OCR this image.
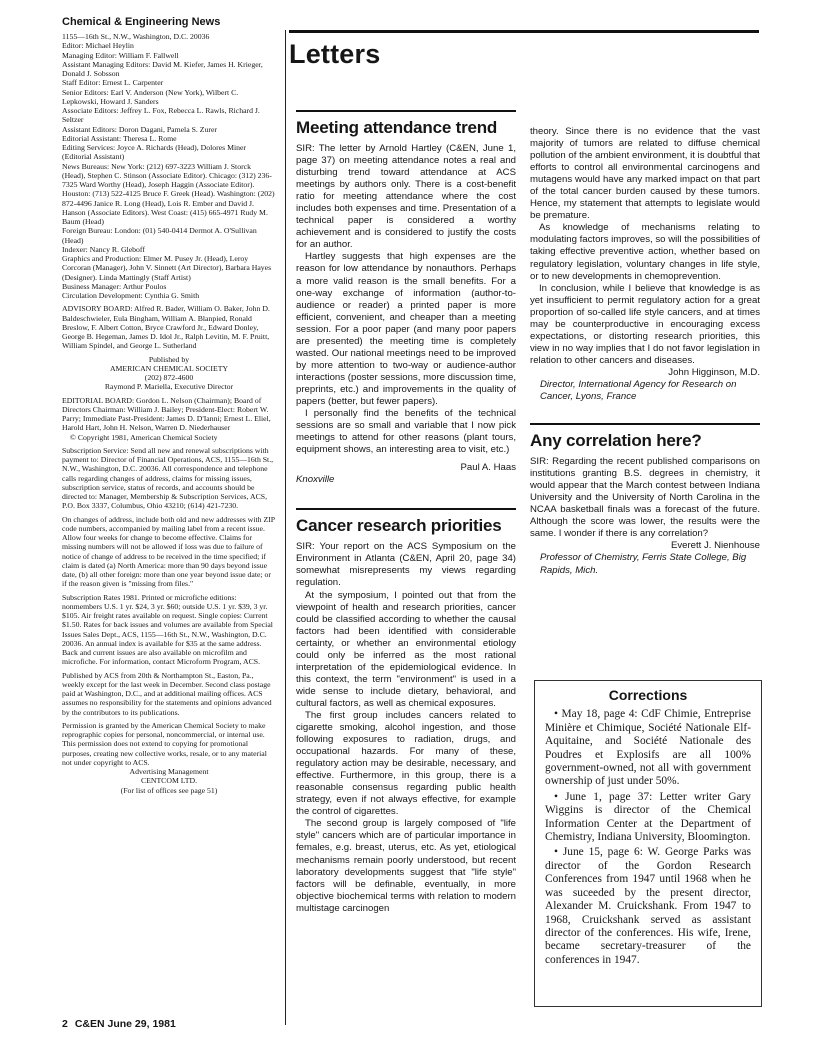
Chemical & Engineering News

1155—16th St., N.W., Washington, D.C. 20036

Editor: Michael Heylin

Managing Editor: William F. Fallwell

Assistant Managing Editors: David M. Kiefer, James H. Krieger, Donald J. Sobsson

Staff Editor: Ernest L. Carpenter

Senior Editors: Earl V. Anderson (New York), Wilbert C. Lepkowski, Howard J. Sanders

Associate Editors: Jeffrey L. Fox, Rebecca L. Rawls, Richard J. Seltzer

Assistant Editors: Doron Dagani, Pamela S. Zurer

Editorial Assistant: Theresa L. Rome

Editing Services: Joyce A. Richards (Head), Dolores Miner (Editorial Assistant)

News Bureaus: New York: (212) 697-3223 William J. Storck (Head), Stephen C. Stinson (Associate Editor). Chicago: (312) 236-7325 Ward Worthy (Head), Joseph Haggin (Associate Editor). Houston: (713) 522-4125 Bruce F. Greek (Head). Washington: (202) 872-4496 Janice R. Long (Head), Lois R. Ember and David J. Hanson (Associate Editors). West Coast: (415) 665-4971 Rudy M. Baum (Head)

Foreign Bureau: London: (01) 540-0414 Dermot A. O'Sullivan (Head)

Indexer: Nancy R. Gleboff

Graphics and Production: Elmer M. Pusey Jr. (Head), Leroy Corcoran (Manager), John V. Sinnett (Art Director), Barbara Hayes (Designer). Linda Mattingly (Staff Artist)

Business Manager: Arthur Poulos

Circulation Development: Cynthia G. Smith

ADVISORY BOARD: Alfred R. Bader, William O. Baker, John D. Baldeschwieler, Eula Bingham, William A. Blanpied, Ronald Breslow, F. Albert Cotton, Bryce Crawford Jr., Edward Donley, George B. Hegeman, James D. Idol Jr., Ralph Levitin, M. F. Pruitt, William Spindel, and George L. Sutherland

Published by

AMERICAN CHEMICAL SOCIETY

(202) 872-4600

Raymond P. Mariella, Executive Director

EDITORIAL BOARD: Gordon L. Nelson (Chairman); Board of Directors Chairman: William J. Bailey; President-Elect: Robert W. Parry; Immediate Past-President: James D. D'Ianni; Ernest L. Eliel, Harold Hart, John H. Nelson, Warren D. Niederhauser

© Copyright 1981, American Chemical Society

Subscription Service: Send all new and renewal subscriptions with payment to: Director of Financial Operations, ACS, 1155—16th St., N.W., Washington, D.C. 20036. All correspondence and telephone calls regarding changes of address, claims for missing issues, subscription service, status of records, and accounts should be directed to: Manager, Membership & Subscription Services, ACS, P.O. Box 3337, Columbus, Ohio 43210; (614) 421-7230.

On changes of address, include both old and new addresses with ZIP code numbers, accompanied by mailing label from a recent issue. Allow four weeks for change to become effective. Claims for missing numbers will not be allowed if loss was due to failure of notice of change of address to be received in the time specified; if claim is dated (a) North America: more than 90 days beyond issue date, (b) all other foreign: more than one year beyond issue date; or if the reason given is "missing from files."

Subscription Rates 1981. Printed or microfiche editions: nonmembers U.S. 1 yr. $24, 3 yr. $60; outside U.S. 1 yr. $39, 3 yr. $105. Air freight rates available on request. Single copies: Current $1.50. Rates for back issues and volumes are available from Special Issues Sales Dept., ACS, 1155—16th St., N.W., Washington, D.C. 20036. An annual index is available for $35 at the same address. Back and current issues are also available on microfilm and microfiche. For information, contact Microform Program, ACS.

Published by ACS from 20th & Northampton St., Easton, Pa., weekly except for the last week in December. Second class postage paid at Washington, D.C., and at additional mailing offices. ACS assumes no responsibility for the statements and opinions advanced by the contributors to its publications.

Permission is granted by the American Chemical Society to make reprographic copies for personal, noncommercial, or internal use. This permission does not extend to copying for promotional purposes, creating new collective works, resale, or to any material not under copyright to ACS.

Advertising Management

CENTCOM LTD.

(For list of offices see page 51)

Letters
Meeting attendance trend

SIR: The letter by Arnold Hartley (C&EN, June 1, page 37) on meeting attendance notes a real and disturbing trend toward attendance at ACS meetings by authors only. There is a cost-benefit ratio for meeting attendance where the cost includes both expenses and time. Presentation of a technical paper is considered a worthy achievement and is considered to justify the costs for an author.

Hartley suggests that high expenses are the reason for low attendance by nonauthors. Perhaps a more valid reason is the small benefits. For a one-way exchange of information (author-to-audience or reader) a printed paper is more efficient, convenient, and cheaper than a meeting session. For a poor paper (and many poor papers are presented) the meeting time is completely wasted. Our national meetings need to be improved by more attention to two-way or audience-author interactions (poster sessions, more discussion time, preprints, etc.) and improvements in the quality of papers (better, but fewer papers).

I personally find the benefits of the technical sessions are so small and variable that I now pick meetings to attend for other reasons (plant tours, equipment shows, an interesting area to visit, etc.)

Paul A. Haas

Knoxville

Cancer research priorities

SIR: Your report on the ACS Symposium on the Environment in Atlanta (C&EN, April 20, page 34) somewhat misrepresents my views regarding regulation.

At the symposium, I pointed out that from the viewpoint of health and research priorities, cancer could be classified according to whether the causal factors had been identified with considerable certainty, or whether an environmental etiology could only be inferred as the most rational interpretation of the epidemiological evidence. In this context, the term "environment" is used in a wide sense to include dietary, behavioral, and cultural factors, as well as chemical exposures.

The first group includes cancers related to cigarette smoking, alcohol ingestion, and those following exposures to radiation, drugs, and occupational hazards. For many of these, regulatory action may be desirable, necessary, and effective. Furthermore, in this group, there is a reasonable consensus regarding public health strategy, even if not always effective, for example the control of cigarettes.

The second group is largely composed of "life style" cancers which are of particular importance in females, e.g. breast, uterus, etc. As yet, etiological mechanisms remain poorly understood, but recent laboratory developments suggest that "life style" factors will be definable, eventually, in more objective biochemical terms with relation to modern multistage carcinogen

theory. Since there is no evidence that the vast majority of tumors are related to diffuse chemical pollution of the ambient environment, it is doubtful that efforts to control all environmental carcinogens and mutagens would have any marked impact on that part of the total cancer burden caused by these tumors. Hence, my statement that attempts to legislate would be premature.

As knowledge of mechanisms relating to modulating factors improves, so will the possibilities of taking effective preventive action, whether based on regulatory legislation, voluntary changes in life style, or to new developments in chemoprevention.

In conclusion, while I believe that knowledge is as yet insufficient to permit regulatory action for a great proportion of so-called life style cancers, and at times may be counterproductive in encouraging excess expectations, or distorting research priorities, this view in no way implies that I do not favor legislation in relation to other cancers and diseases.

John Higginson, M.D.

Director, International Agency for Research on Cancer, Lyons, France

Any correlation here?

SIR: Regarding the recent published comparisons on institutions granting B.S. degrees in chemistry, it would appear that the March contest between Indiana University and the University of North Carolina in the NCAA basketball finals was a forecast of the future. Although the score was lower, the results were the same. I wonder if there is any correlation?

Everett J. Nienhouse

Professor of Chemistry, Ferris State College, Big Rapids, Mich.

Corrections

• May 18, page 4: CdF Chimie, Entreprise Minière et Chimique, Société Nationale Elf-Aquitaine, and Société Nationale des Poudres et Explosifs are all 100% government-owned, not all with government ownership of just under 50%.

• June 1, page 37: Letter writer Gary Wiggins is director of the Chemical Information Center at the Department of Chemistry, Indiana University, Bloomington.

• June 15, page 6: W. George Parks was director of the Gordon Research Conferences from 1947 until 1968 when he was suceeded by the present director, Alexander M. Cruickshank. From 1947 to 1968, Cruickshank served as assistant director of the conferences. His wife, Irene, became secretary-treasurer of the conferences in 1947.

2 C&EN June 29, 1981
